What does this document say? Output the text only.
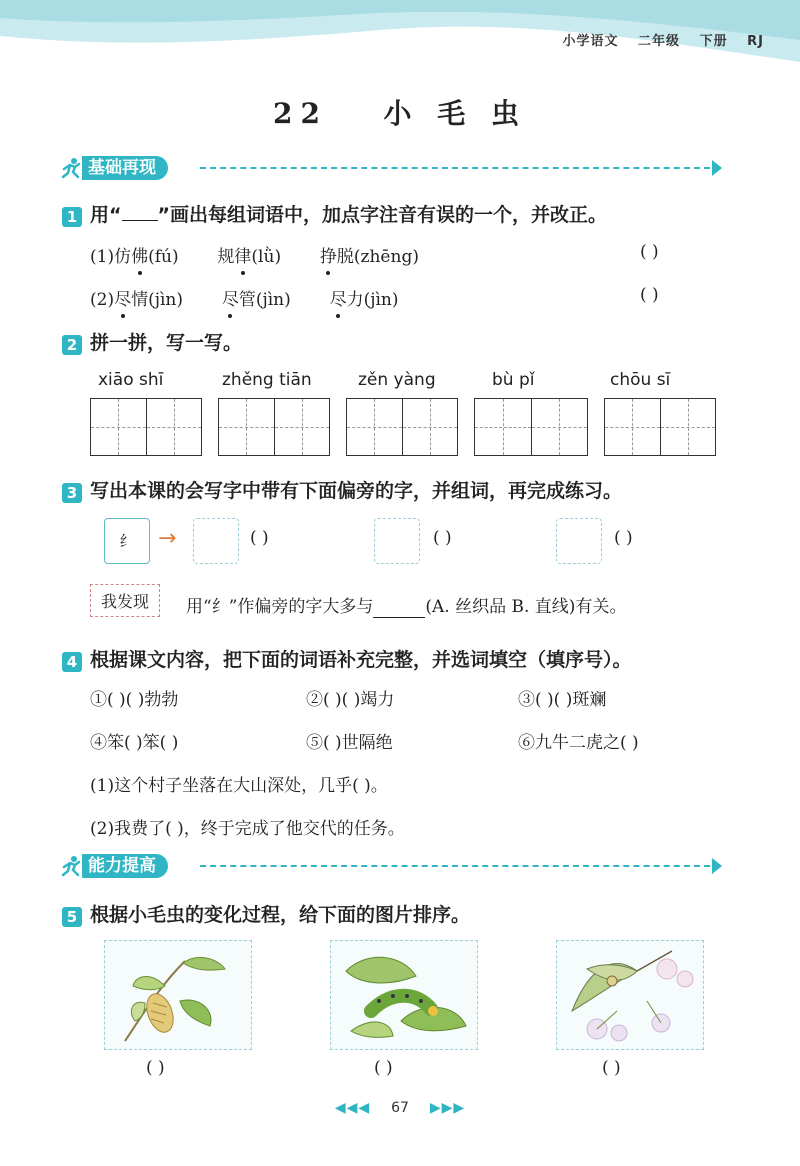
小学语文 二年级 下册 RJ
22 小 毛 虫
基础再现
1 用“ ”画出每组词语中，加点字注音有误的一个，并改正。
(1)仿佛(fú) 规律(lǜ) 挣脱(zhēng)	( )
(2)尽情(jìn) 尽管(jìn) 尽力(jìn)	( )
2 拼一拼，写一写。
xiāo shī	zhěng tiān	zěn yàng	bù pǐ	chōu sī
3 写出本课的会写字中带有下面偏旁的字，并组词，再完成练习。
纟	→	( )	( )	( )
我发现	用“纟”作偏旁的字大多与	(A. 丝织品 B. 直线)有关。
4 根据课文内容，把下面的词语补充完整，并选词填空（填序号）。
①( )( )勃勃	②( )( )竭力	③( )( )斑斓
④笨( )笨( )	⑤( )世隔绝	⑥九牛二虎之( )
(1)这个村子坐落在大山深处，几乎( )。
(2)我费了( )，终于完成了他交代的任务。
能力提高
5 根据小毛虫的变化过程，给下面的图片排序。
( )	( )	( )
◀◀◀ 67 ▶▶▶
